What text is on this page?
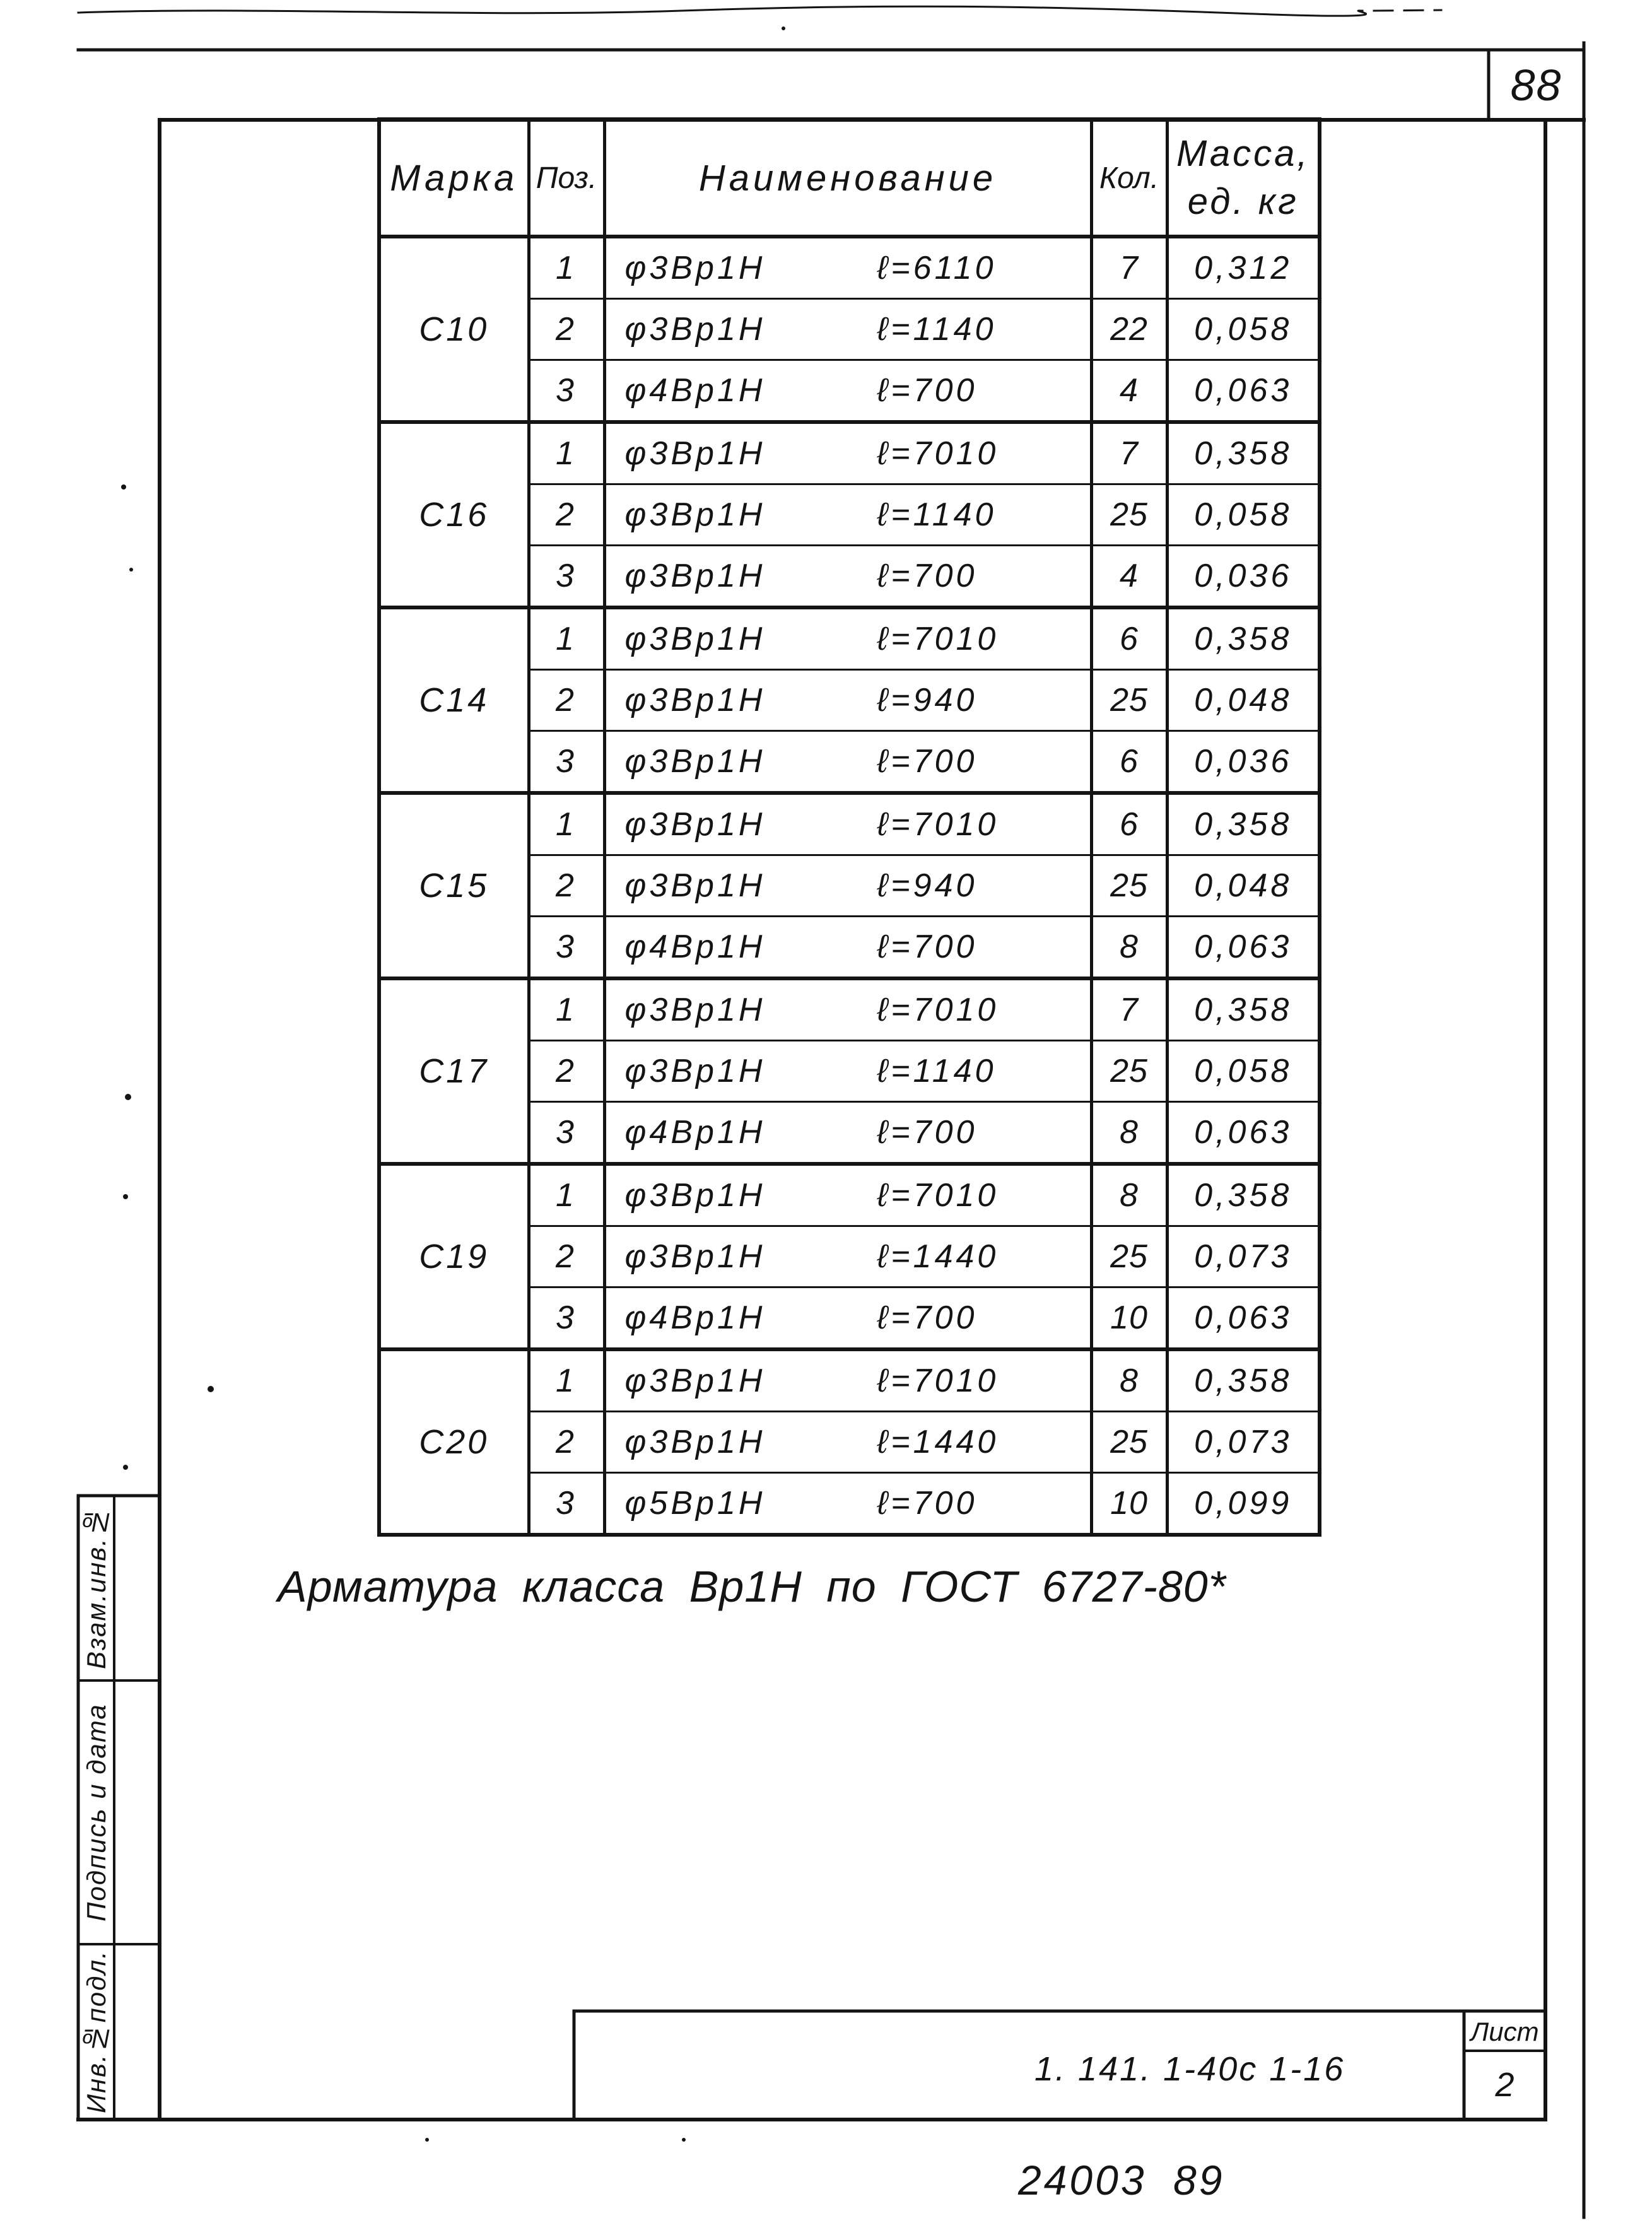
88
Марка	Поз.	Наименование	Кол.	Масса,
ед. кг

С10	1	φ3Вр1Н ℓ=6110	7	0,312
	2	φ3Вр1Н ℓ=1140	22	0,058
	3	φ4Вр1Н ℓ=700	4	0,063
С16	1	φ3Вр1Н ℓ=7010	7	0,358
	2	φ3Вр1Н ℓ=1140	25	0,058
	3	φ3Вр1Н ℓ=700	4	0,036
С14	1	φ3Вр1Н ℓ=7010	6	0,358
	2	φ3Вр1Н ℓ=940	25	0,048
	3	φ3Вр1Н ℓ=700	6	0,036
С15	1	φ3Вр1Н ℓ=7010	6	0,358
	2	φ3Вр1Н ℓ=940	25	0,048
	3	φ4Вр1Н ℓ=700	8	0,063
С17	1	φ3Вр1Н ℓ=7010	7	0,358
	2	φ3Вр1Н ℓ=1140	25	0,058
	3	φ4Вр1Н ℓ=700	8	0,063
С19	1	φ3Вр1Н ℓ=7010	8	0,358
	2	φ3Вр1Н ℓ=1440	25	0,073
	3	φ4Вр1Н ℓ=700	10	0,063
С20	1	φ3Вр1Н ℓ=7010	8	0,358
	2	φ3Вр1Н ℓ=1440	25	0,073
	3	φ5Вр1Н ℓ=700	10	0,099
Арматура класса Вр1Н по ГОСТ 6727-80*
Взам.инв.№
Подпись и дата
Инв.№подл.	1. 141. 1-40с 1-16
Лист
2
24003 89
